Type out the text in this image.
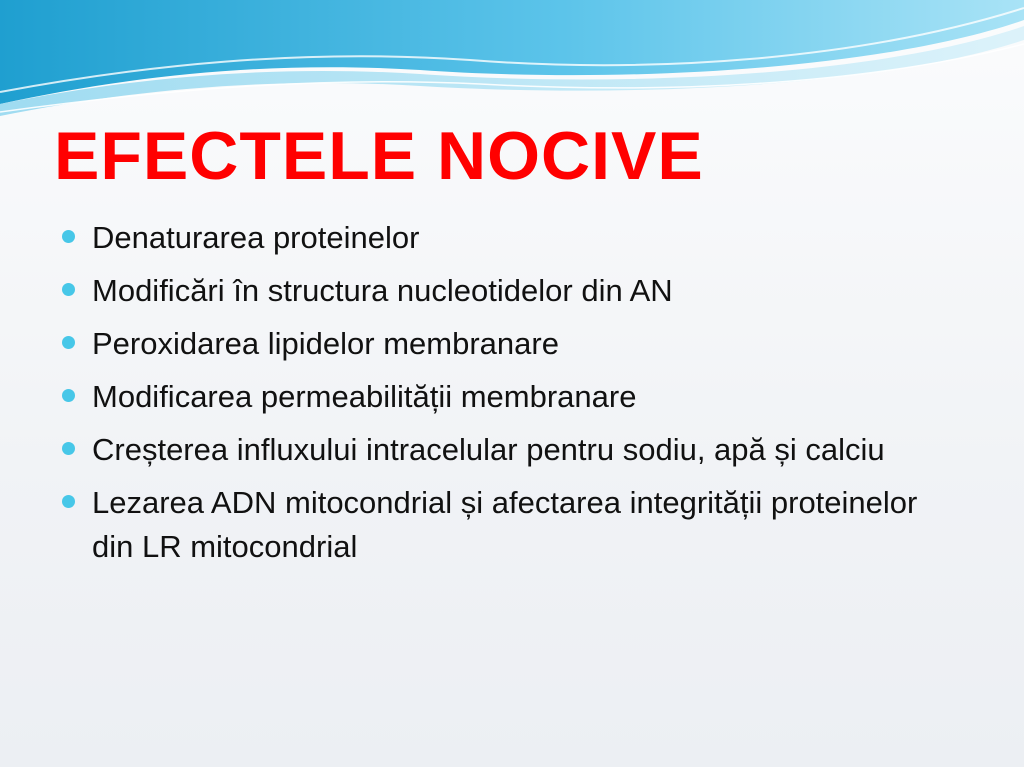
EFECTELE NOCIVE
Denaturarea proteinelor
Modificări în structura nucleotidelor din AN
Peroxidarea lipidelor membranare
Modificarea permeabilității membranare
Creșterea influxului intracelular pentru sodiu, apă și calciu
Lezarea ADN mitocondrial și afectarea integrității proteinelor din LR mitocondrial
